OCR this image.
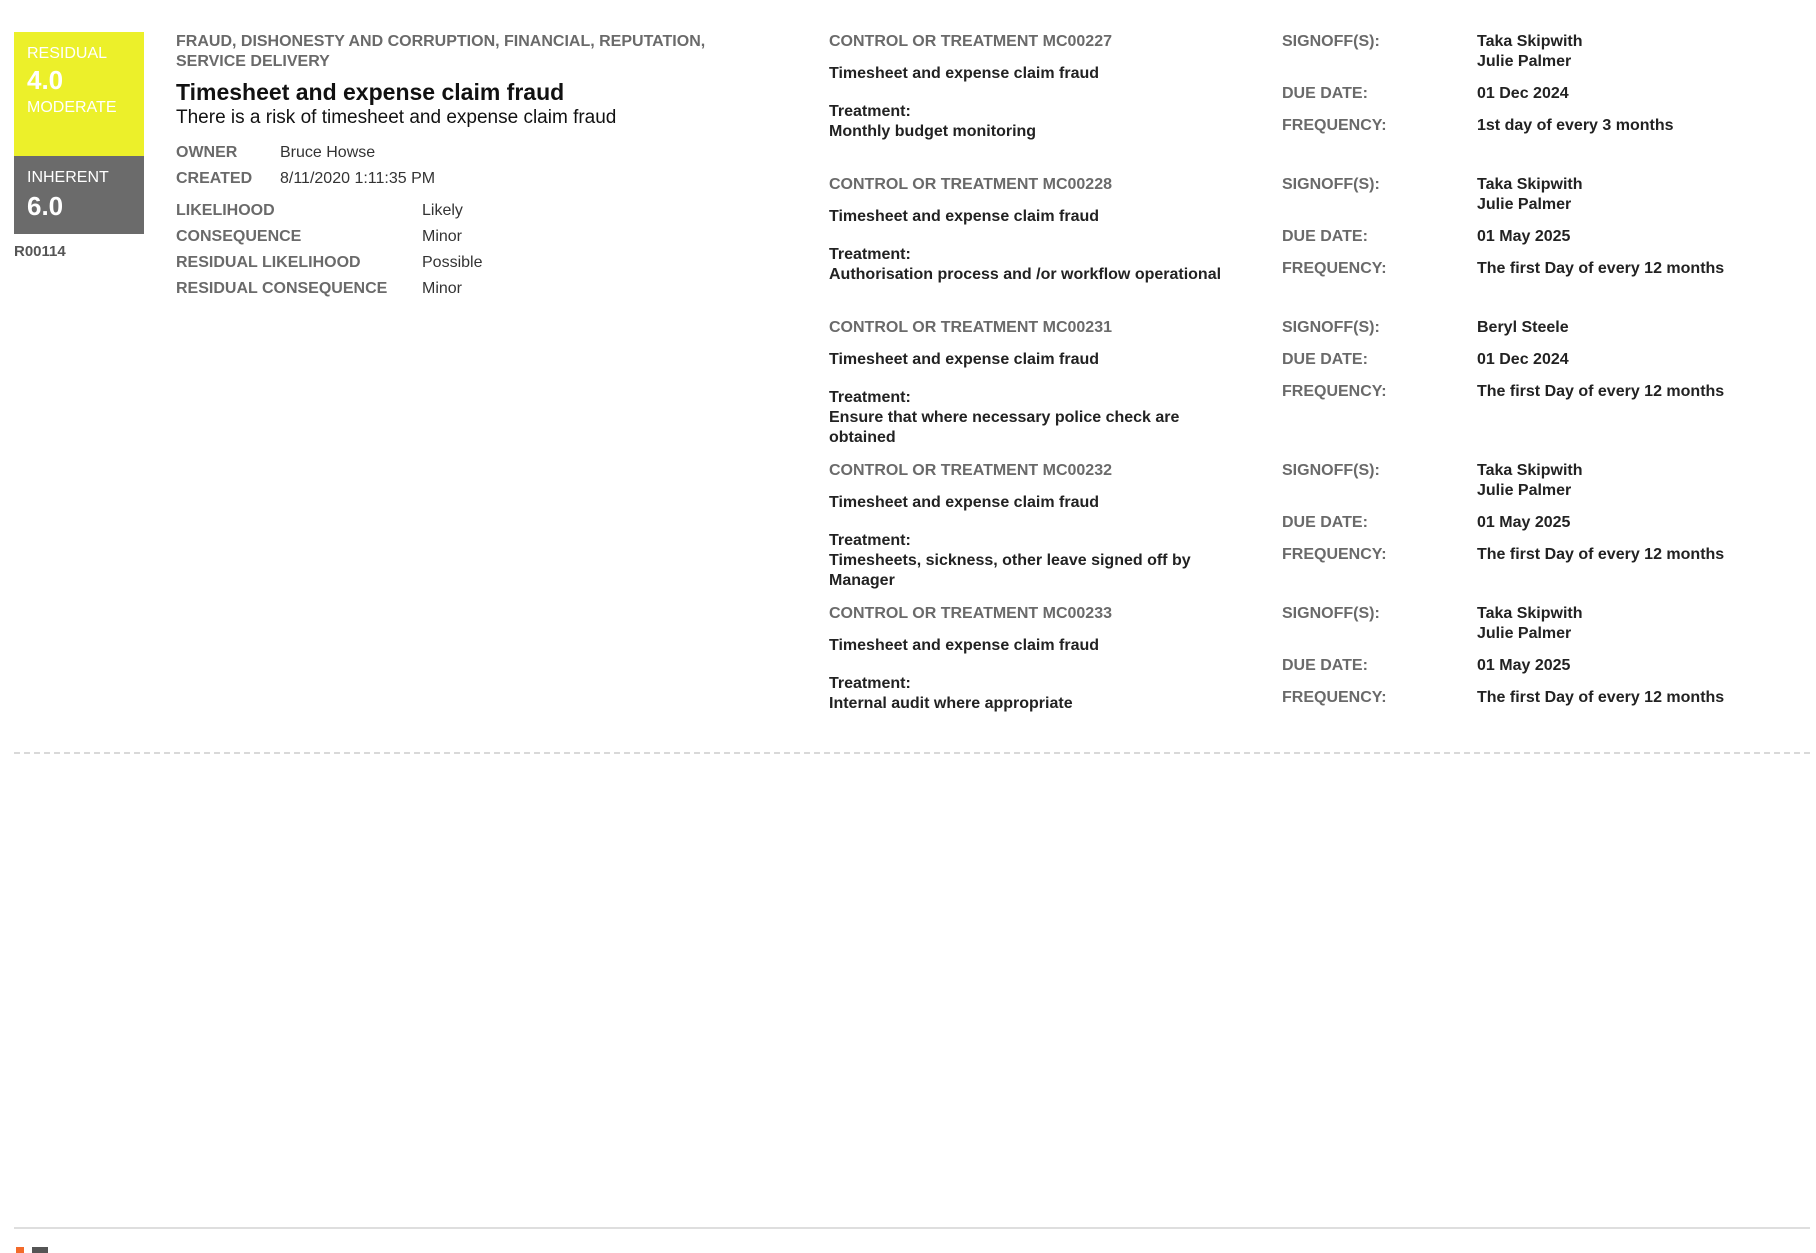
RESIDUAL
4.0
MODERATE
INHERENT
6.0
R00114
FRAUD, DISHONESTY AND CORRUPTION, FINANCIAL, REPUTATION, SERVICE DELIVERY
Timesheet and expense claim fraud
There is a risk of timesheet and expense claim fraud
OWNER	Bruce Howse
CREATED	8/11/2020 1:11:35 PM
LIKELIHOOD	Likely
CONSEQUENCE	Minor
RESIDUAL LIKELIHOOD	Possible
RESIDUAL CONSEQUENCE	Minor
CONTROL OR TREATMENT MC00227
Timesheet and expense claim fraud
Treatment:
Monthly budget monitoring
SIGNOFF(S):	Taka Skipwith
Julie Palmer
DUE DATE:	01 Dec 2024
FREQUENCY:	1st day of every 3 months
CONTROL OR TREATMENT MC00228
Timesheet and expense claim fraud
Treatment:
Authorisation process and /or workflow operational
SIGNOFF(S):	Taka Skipwith
Julie Palmer
DUE DATE:	01 May 2025
FREQUENCY:	The first Day of every 12 months
CONTROL OR TREATMENT MC00231
Timesheet and expense claim fraud
Treatment:
Ensure that where necessary police check are obtained
SIGNOFF(S):	Beryl Steele
DUE DATE:	01 Dec 2024
FREQUENCY:	The first Day of every 12 months
CONTROL OR TREATMENT MC00232
Timesheet and expense claim fraud
Treatment:
Timesheets, sickness, other leave signed off by Manager
SIGNOFF(S):	Taka Skipwith
Julie Palmer
DUE DATE:	01 May 2025
FREQUENCY:	The first Day of every 12 months
CONTROL OR TREATMENT MC00233
Timesheet and expense claim fraud
Treatment:
Internal audit where appropriate
SIGNOFF(S):	Taka Skipwith
Julie Palmer
DUE DATE:	01 May 2025
FREQUENCY:	The first Day of every 12 months
